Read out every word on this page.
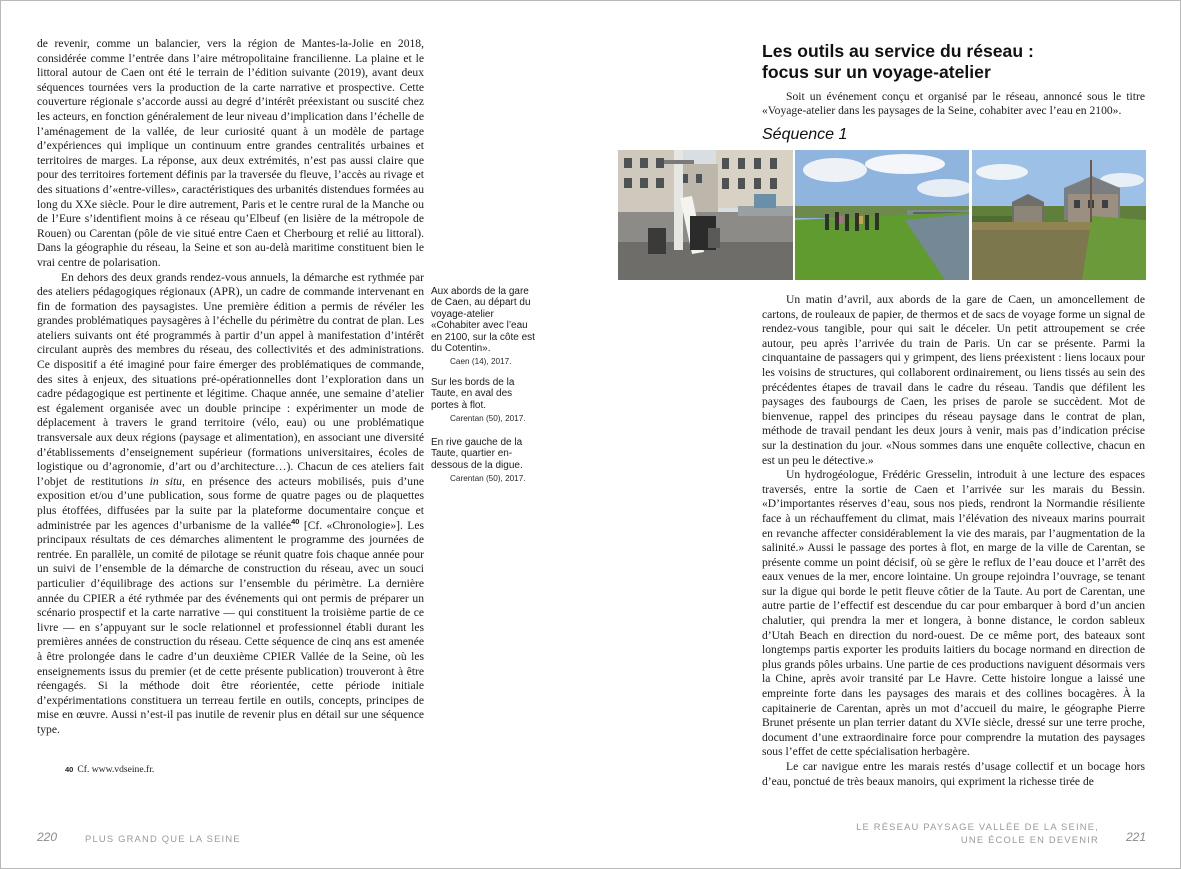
de revenir, comme un balancier, vers la région de Mantes-la-Jolie en 2018, considérée comme l’entrée dans l’aire métropolitaine francilienne. La plaine et le littoral autour de Caen ont été le terrain de l’édition suivante (2019), avant deux séquences tournées vers la production de la carte narrative et prospective. Cette couverture régionale s’accorde aussi au degré d’intérêt préexistant ou suscité chez les acteurs, en fonction généralement de leur niveau d’implication dans l’échelle de l’aménagement de la vallée, de leur curiosité quant à un modèle de partage d’expériences qui implique un continuum entre grandes centralités urbaines et territoires de marges. La réponse, aux deux extrémités, n’est pas aussi claire que pour des territoires fortement définis par la traversée du fleuve, l’accès au rivage et des situations d’«entre-villes», caractéristiques des urbanités distendues formées au long du XXe siècle. Pour le dire autrement, Paris et le centre rural de la Manche ou de l’Eure s’identifient moins à ce réseau qu’Elbeuf (en lisière de la métropole de Rouen) ou Carentan (pôle de vie situé entre Caen et Cherbourg et relié au littoral). Dans la géographie du réseau, la Seine et son au-delà maritime constituent bien le vrai centre de polarisation.

En dehors des deux grands rendez-vous annuels, la démarche est rythmée par des ateliers pédagogiques régionaux (APR), un cadre de commande intervenant en fin de formation des paysagistes. Une première édition a permis de révéler les grandes problématiques paysagères à l’échelle du périmètre du contrat de plan. Les ateliers suivants ont été programmés à partir d’un appel à manifestation d’intérêt circulant auprès des membres du réseau, des collectivités et des administrations. Ce dispositif a été imaginé pour faire émerger des problématiques de commande, des sites à enjeux, des situations pré-opérationnelles dont l’exploration dans un cadre pédagogique est pertinente et légitime. Chaque année, une semaine d’atelier est également organisée avec un double principe : expérimenter un mode de déplacement à travers le grand territoire (vélo, eau) ou une problématique transversale aux deux régions (paysage et alimentation), en associant une diversité d’établissements d’enseignement supérieur (formations universitaires, écoles de logistique ou d’agronomie, d’art ou d’architecture…). Chacun de ces ateliers fait l’objet de restitutions in situ, en présence des acteurs mobilisés, puis d’une exposition et/ou d’une publication, sous forme de quatre pages ou de plaquettes plus étoffées, diffusées par la suite par la plateforme documentaire conçue et administrée par les agences d’urbanisme de la vallée$^{40}$ [Cf. «Chronologie»]. Les principaux résultats de ces démarches alimentent le programme des journées de rentrée. En parallèle, un comité de pilotage se réunit quatre fois chaque année pour un suivi de l’ensemble de la démarche de construction du réseau, avec un souci particulier d’équilibrage des actions sur l’ensemble du périmètre. La dernière année du CPIER a été rythmée par des événements qui ont permis de préparer un scénario prospectif et la carte narrative — qui constituent la troisième partie de ce livre — en s’appuyant sur le socle relationnel et professionnel établi durant les premières années de construction du réseau. Cette séquence de cinq ans est amenée à être prolongée dans le cadre d’un deuxième CPIER Vallée de la Seine, où les enseignements issus du premier (et de cette présente publication) trouveront à être réengagés. Si la méthode doit être réorientée, cette période initiale d’expérimentations constituera un terreau fertile en outils, concepts, principes de mise en œuvre. Aussi n’est-il pas inutile de revenir plus en détail sur une séquence type.

Aux abords de la gare de Caen, au départ du voyage-atelier «Cohabiter avec l’eau en 2100, sur la côte est du Cotentin».
Caen (14), 2017.
Sur les bords de la Taute, en aval des portes à flot.
Carentan (50), 2017.
En rive gauche de la Taute, quartier en-dessous de la digue.
Carentan (50), 2017.
40 Cf. www.vdseine.fr.
220	PLUS GRAND QUE LA SEINE
Les outils au service du réseau :
focus sur un voyage-atelier

Soit un événement conçu et organisé par le réseau, annoncé sous le titre «Voyage-atelier dans les paysages de la Seine, cohabiter avec l’eau en 2100».

Séquence 1

Un matin d’avril, aux abords de la gare de Caen, un amoncellement de cartons, de rouleaux de papier, de thermos et de sacs de voyage forme un signal de rendez-vous tangible, pour qui sait le déceler. Un petit attroupement se crée autour, peu après l’arrivée du train de Paris. Un car se présente. Parmi la cinquantaine de passagers qui y grimpent, des liens préexistent : liens locaux pour les voisins de structures, qui collaborent ordinairement, ou liens tissés au sein des précédentes étapes de travail dans le cadre du réseau. Tandis que défilent les paysages des faubourgs de Caen, les prises de parole se succèdent. Mot de bienvenue, rappel des principes du réseau paysage dans le contrat de plan, méthode de travail pendant les deux jours à venir, mais pas d’indication précise sur la destination du jour. «Nous sommes dans une enquête collective, chacun en est un peu le détective.»

Un hydrogéologue, Frédéric Gresselin, introduit à une lecture des espaces traversés, entre la sortie de Caen et l’arrivée sur les marais du Bessin. «D’importantes réserves d’eau, sous nos pieds, rendront la Normandie résiliente face à un réchauffement du climat, mais l’élévation des niveaux marins pourrait en revanche affecter considérablement la vie des marais, par l’augmentation de la salinité.» Aussi le passage des portes à flot, en marge de la ville de Carentan, se présente comme un point décisif, où se gère le reflux de l’eau douce et l’arrêt des eaux venues de la mer, encore lointaine. Un groupe rejoindra l’ouvrage, se tenant sur la digue qui borde le petit fleuve côtier de la Taute. Au port de Carentan, une autre partie de l’effectif est descendue du car pour embarquer à bord d’un ancien chalutier, qui prendra la mer et longera, à bonne distance, le cordon sableux d’Utah Beach en direction du nord-ouest. De ce même port, des bateaux sont longtemps partis exporter les produits laitiers du bocage normand en direction de plus grands pôles urbains. Une partie de ces productions naviguent désormais vers la Chine, après avoir transité par Le Havre. Cette histoire longue a laissé une empreinte forte dans les paysages des marais et des collines bocagères. À la capitainerie de Carentan, après un mot d’accueil du maire, le géographe Pierre Brunet présente un plan terrier datant du XVIe siècle, dressé sur une terre proche, document d’une extraordinaire force pour comprendre la mutation des paysages sous l’effet de cette spécialisation herbagère.

Le car navigue entre les marais restés d’usage collectif et un bocage hors d’eau, ponctué de très beaux manoirs, qui expriment la richesse tirée de

LE RÉSEAU PAYSAGE VALLÉE DE LA SEINE,
UNE ÉCOLE EN DEVENIR 221
